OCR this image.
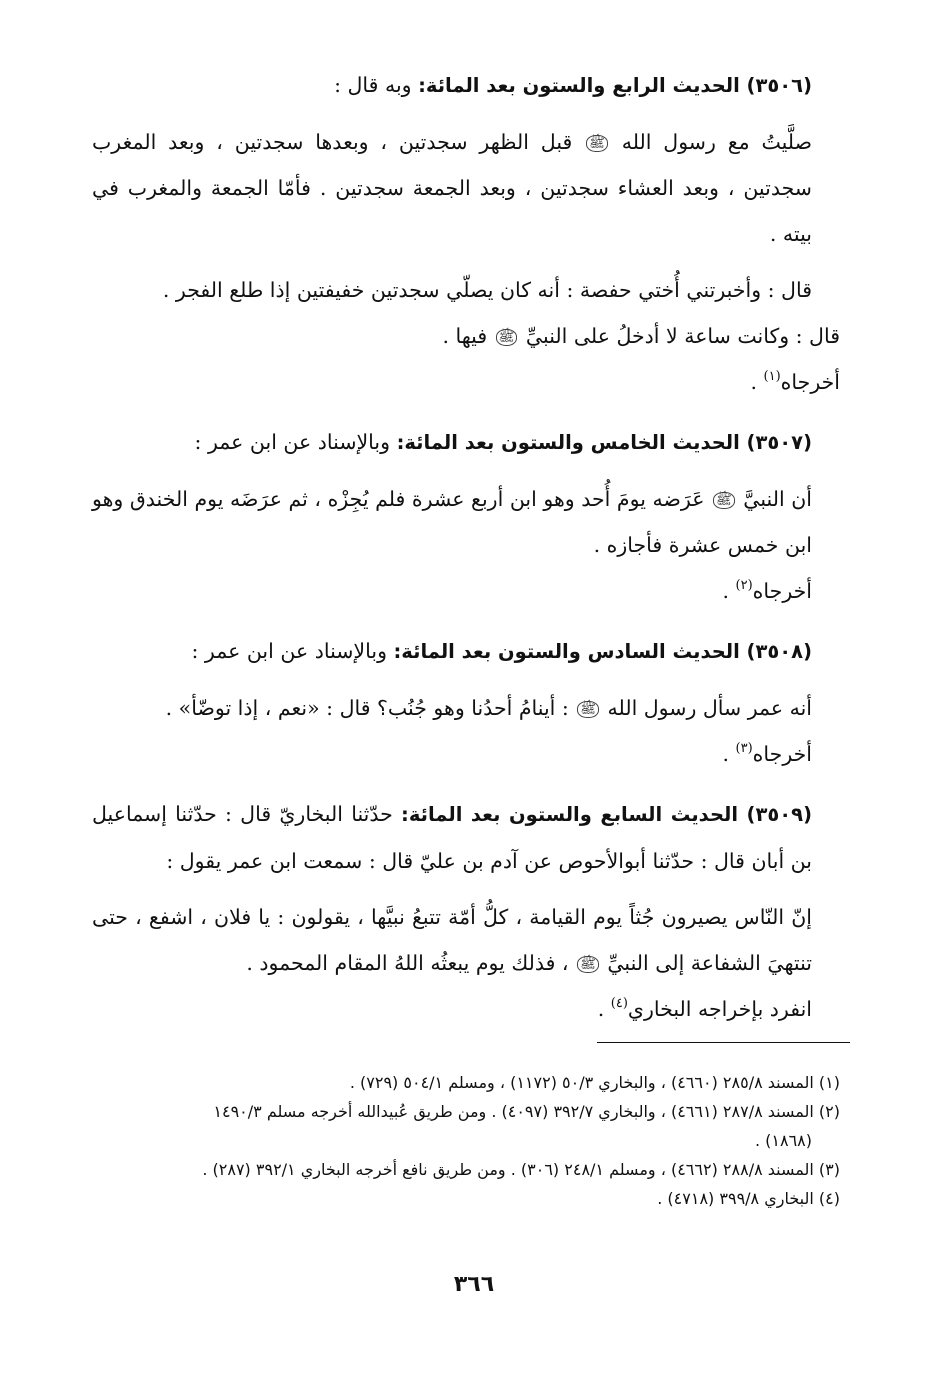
(٣٥٠٦) الحديث الرابع والستون بعد المائة: وبه قال :

صلَّيتُ مع رسول الله ﷺ قبل الظهر سجدتين ، وبعدها سجدتين ، وبعد المغرب سجدتين ، وبعد العشاء سجدتين ، وبعد الجمعة سجدتين . فأمّا الجمعة والمغرب في بيته .

قال : وأخبرتني أُختي حفصة : أنه كان يصلّي سجدتين خفيفتين إذا طلع الفجر .

قال : وكانت ساعة لا أدخلُ على النبيِّ ﷺ فيها .

أخرجاه$^{(١)}$ .

(٣٥٠٧) الحديث الخامس والستون بعد المائة: وبالإسناد عن ابن عمر :

أن النبيَّ ﷺ عَرَضه يومَ أُحد وهو ابن أربع عشرة فلم يُجِزْه ، ثم عرَضَه يوم الخندق وهو ابن خمس عشرة فأجازه .

أخرجاه$^{(٢)}$ .

(٣٥٠٨) الحديث السادس والستون بعد المائة: وبالإسناد عن ابن عمر :

أنه عمر سأل رسول الله ﷺ : أينامُ أحدُنا وهو جُنُب؟ قال : «نعم ، إذا توضّأ» .

أخرجاه$^{(٣)}$ .

(٣٥٠٩) الحديث السابع والستون بعد المائة: حدّثنا البخاريّ قال : حدّثنا إسماعيل بن أبان قال : حدّثنا أبوالأحوص عن آدم بن عليّ قال : سمعت ابن عمر يقول :

إنّ النّاس يصيرون جُثاً يوم القيامة ، كلُّ أمّة تتبعُ نبيَّها ، يقولون : يا فلان ، اشفع ، حتى تنتهيَ الشفاعة إلى النبيِّ ﷺ ، فذلك يوم يبعثُه اللهُ المقام المحمود .

انفرد بإخراجه البخاري$^{(٤)}$ .

(١) المسند ٢٨٥/٨ (٤٦٦٠) ، والبخاري ٥٠/٣ (١١٧٢) ، ومسلم ٥٠٤/١ (٧٢٩) .

(٢) المسند ٢٨٧/٨ (٤٦٦١) ، والبخاري ٣٩٢/٧ (٤٠٩٧) . ومن طريق عُبيدالله أخرجه مسلم ١٤٩٠/٣

(١٨٦٨) .

(٣) المسند ٢٨٨/٨ (٤٦٦٢) ، ومسلم ٢٤٨/١ (٣٠٦) . ومن طريق نافع أخرجه البخاري ٣٩٢/١ (٢٨٧) .

(٤) البخاري ٣٩٩/٨ (٤٧١٨) .

٣٦٦
